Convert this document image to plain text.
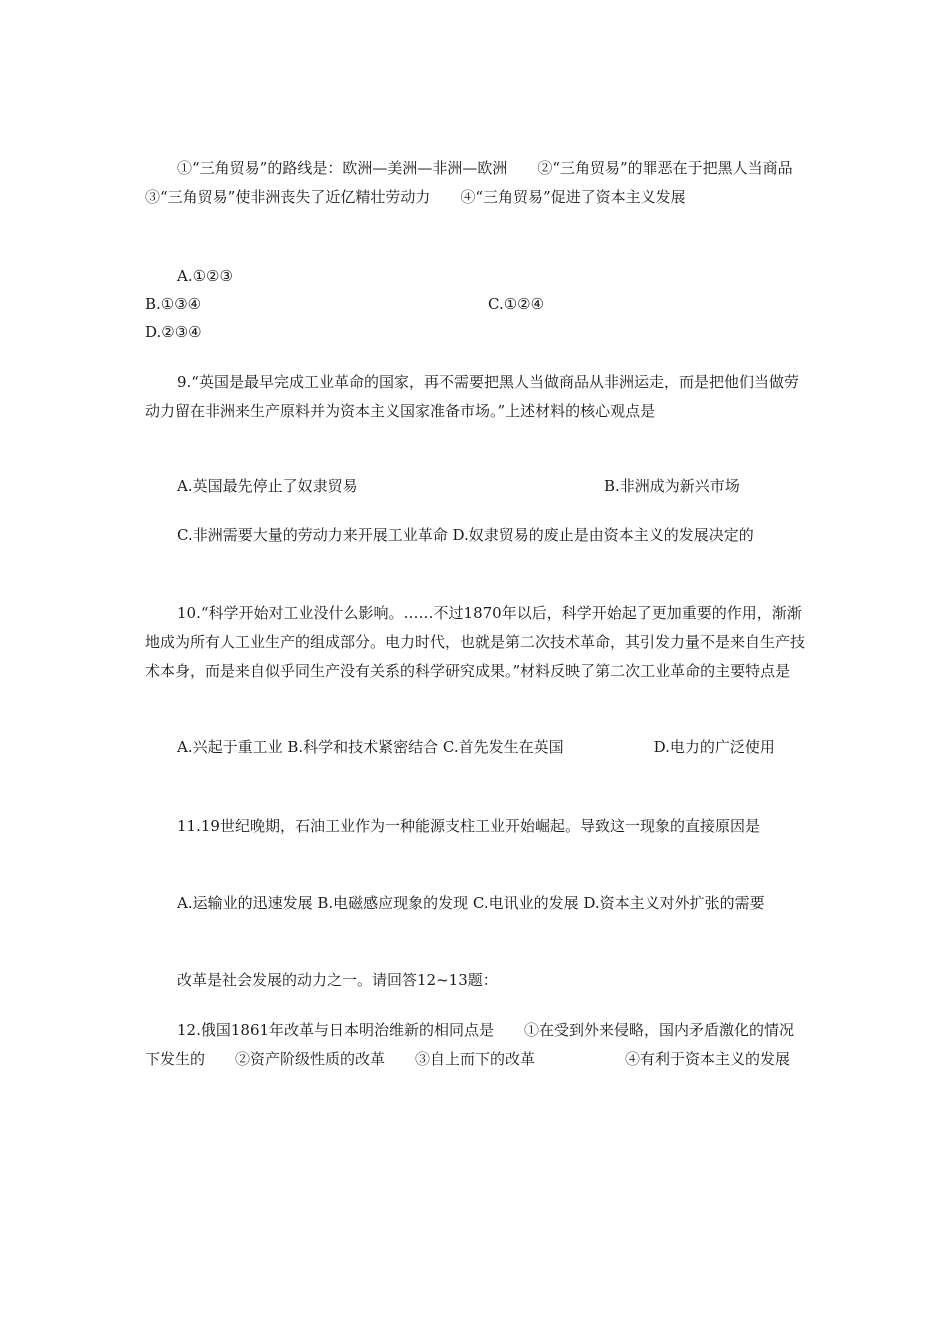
①“三角贸易”的路线是：欧洲—美洲—非洲—欧洲　　②“三角贸易”的罪恶在于把黑人当商品 ③“三角贸易”使非洲丧失了近亿精壮劳动力　　④“三角贸易”促进了资本主义发展

A.①②③
B.①③④	C.①②④
D.②③④

9.“英国是最早完成工业革命的国家，再不需要把黑人当做商品从非洲运走，而是把他们当做劳动力留在非洲来生产原料并为资本主义国家准备市场。”上述材料的核心观点是

A.英国最先停止了奴隶贸易	B.非洲成为新兴市场

C.非洲需要大量的劳动力来开展工业革命 D.奴隶贸易的废止是由资本主义的发展决定的

10.“科学开始对工业没什么影响。……不过1870年以后，科学开始起了更加重要的作用，渐渐地成为所有人工业生产的组成部分。电力时代，也就是第二次技术革命，其引发力量不是来自生产技术本身，而是来自似乎同生产没有关系的科学研究成果。”材料反映了第二次工业革命的主要特点是

A.兴起于重工业 B.科学和技术紧密结合 C.首先发生在英国　　　　　　D.电力的广泛使用

11.19世纪晚期，石油工业作为一种能源支柱工业开始崛起。导致这一现象的直接原因是

A.运输业的迅速发展 B.电磁感应现象的发现 C.电讯业的发展 D.资本主义对外扩张的需要

改革是社会发展的动力之一。请回答12~13题：

12.俄国1861年改革与日本明治维新的相同点是　　①在受到外来侵略，国内矛盾激化的情况下发生的　　②资产阶级性质的改革　　③自上而下的改革　　　　　　④有利于资本主义的发展
